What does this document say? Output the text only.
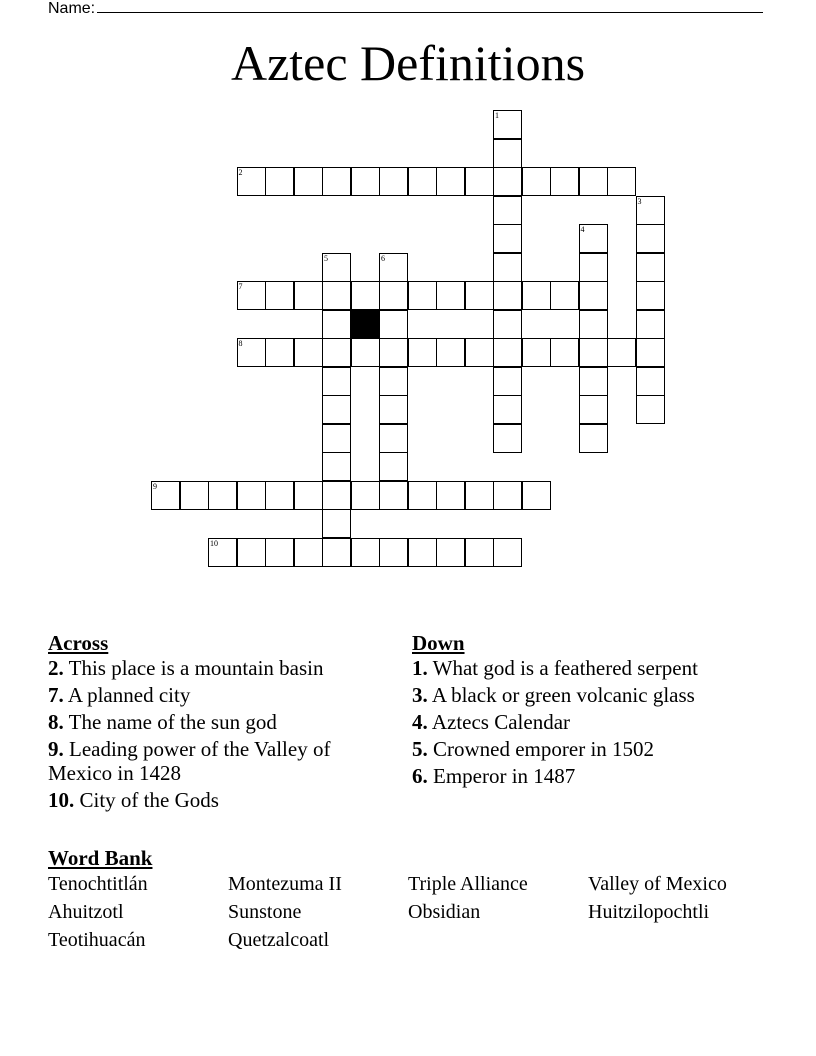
Name:
Aztec Definitions
1
2
3
4
5	6
7
8
9
10
Across
2. This place is a mountain basin
7. A planned city
8. The name of the sun god
9. Leading power of the Valley of Mexico in 1428
10. City of the Gods
Down
1. What god is a feathered serpent
3. A black or green volcanic glass
4. Aztecs Calendar
5. Crowned emporer in 1502
6. Emperor in 1487
Word Bank
Tenochtitlán	Montezuma II	Triple Alliance	Valley of Mexico
Ahuitzotl	Sunstone	Obsidian	Huitzilopochtli
Teotihuacán	Quetzalcoatl
